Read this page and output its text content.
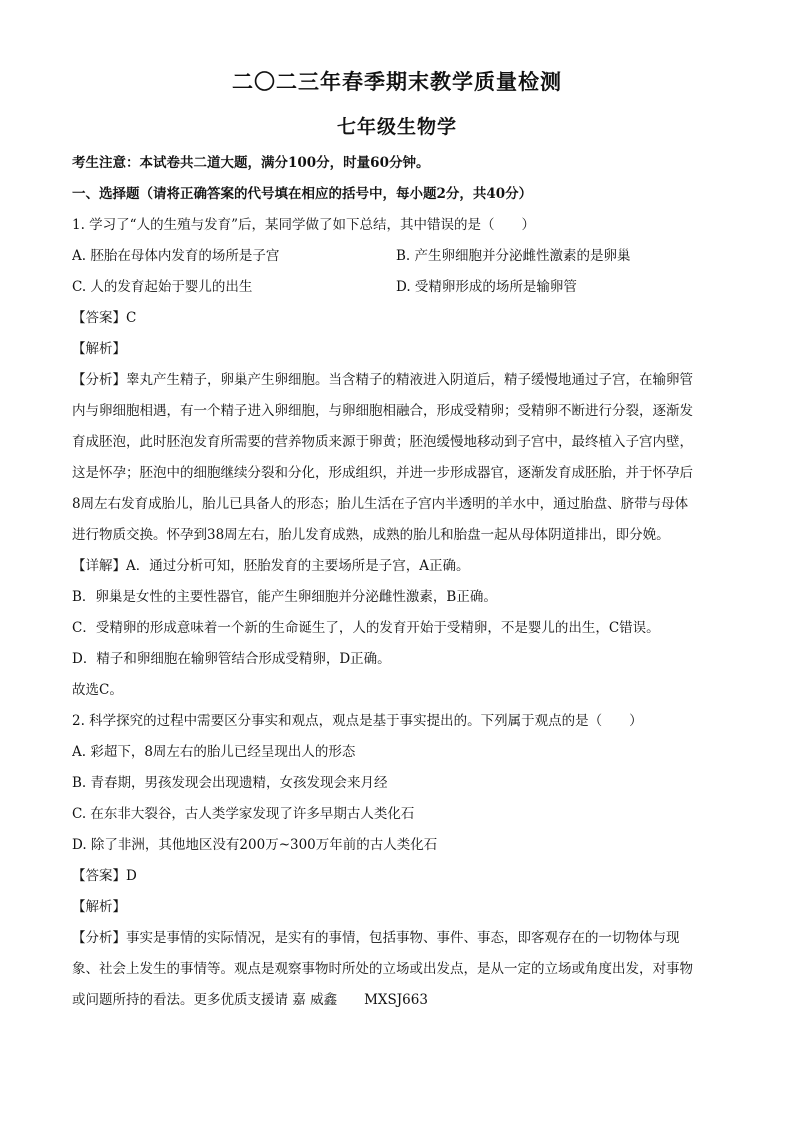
二〇二三年春季期末教学质量检测
七年级生物学
考生注意：本试卷共二道大题，满分100分，时量60分钟。
一、选择题（请将正确答案的代号填在相应的括号中，每小题2分，共40分）
1. 学习了“人的生殖与发育”后，某同学做了如下总结，其中错误的是（　　）
A. 胚胎在母体内发育的场所是子宫	B. 产生卵细胞并分泌雌性激素的是卵巢
C. 人的发育起始于婴儿的出生	D. 受精卵形成的场所是输卵管
【答案】C
【解析】
【分析】睾丸产生精子，卵巢产生卵细胞。当含精子的精液进入阴道后，精子缓慢地通过子宫，在输卵管
内与卵细胞相遇，有一个精子进入卵细胞，与卵细胞相融合，形成受精卵；受精卵不断进行分裂，逐渐发
育成胚泡，此时胚泡发育所需要的营养物质来源于卵黄；胚泡缓慢地移动到子宫中，最终植入子宫内壁，
这是怀孕；胚泡中的细胞继续分裂和分化，形成组织，并进一步形成器官，逐渐发育成胚胎，并于怀孕后
8周左右发育成胎儿，胎儿已具备人的形态；胎儿生活在子宫内半透明的羊水中，通过胎盘、脐带与母体
进行物质交换。怀孕到38周左右，胎儿发育成熟，成熟的胎儿和胎盘一起从母体阴道排出，即分娩。
【详解】A．通过分析可知，胚胎发育的主要场所是子宫，A正确。
B．卵巢是女性的主要性器官，能产生卵细胞并分泌雌性激素，B正确。
C．受精卵的形成意味着一个新的生命诞生了，人的发育开始于受精卵，不是婴儿的出生，C错误。
D．精子和卵细胞在输卵管结合形成受精卵，D正确。
故选C。
2. 科学探究的过程中需要区分事实和观点，观点是基于事实提出的。下列属于观点的是（　　）
A. 彩超下，8周左右的胎儿已经呈现出人的形态
B. 青春期，男孩发现会出现遗精，女孩发现会来月经
C. 在东非大裂谷，古人类学家发现了许多早期古人类化石
D. 除了非洲，其他地区没有200万~300万年前的古人类化石
【答案】D
【解析】
【分析】事实是事情的实际情况，是实有的事情，包括事物、事件、事态，即客观存在的一切物体与现
象、社会上发生的事情等。观点是观察事物时所处的立场或出发点，是从一定的立场或角度出发，对事物
或问题所持的看法。更多优质支援请 嘉 威鑫　　MXSJ663
